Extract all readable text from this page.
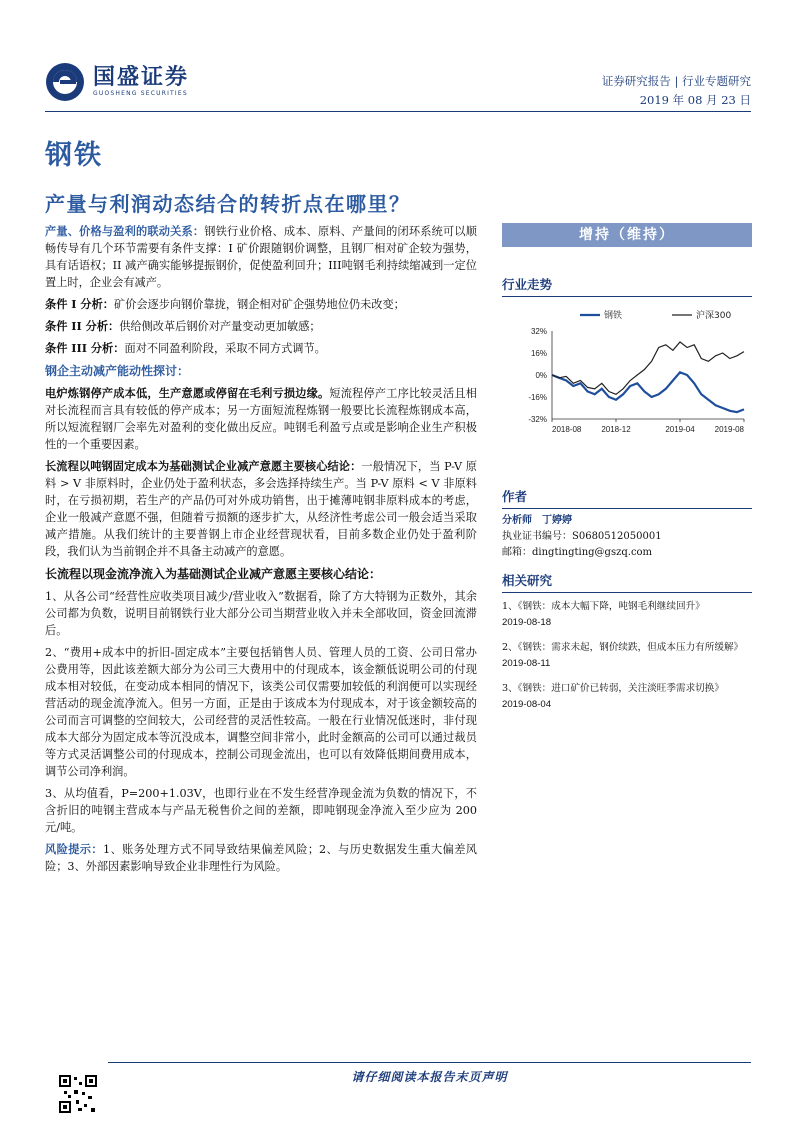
国盛证券
GUOSHENG SECURITIES
证券研究报告 | 行业专题研究
2019 年 08 月 23 日
钢铁
产量与利润动态结合的转折点在哪里？

产量、价格与盈利的联动关系：钢铁行业价格、成本、原料、产量间的闭环系统可以顺畅传导有几个环节需要有条件支撑：I 矿价跟随钢价调整，且钢厂相对矿企较为强势，具有话语权；II 减产确实能够提振钢价，促使盈利回升；III吨钢毛利持续缩减到一定位置上时，企业会有减产。

条件 I 分析：矿价会逐步向钢价靠拢，钢企相对矿企强势地位仍未改变；

条件 II 分析：供给侧改革后钢价对产量变动更加敏感；

条件 III 分析：面对不同盈利阶段，采取不同方式调节。

钢企主动减产能动性探讨：

电炉炼钢停产成本低，生产意愿或停留在毛利亏损边缘。短流程停产工序比较灵活且相对长流程而言具有较低的停产成本；另一方面短流程炼钢一般要比长流程炼钢成本高，所以短流程钢厂会率先对盈利的变化做出反应。吨钢毛利盈亏点或是影响企业生产积极性的一个重要因素。

长流程以吨钢固定成本为基础测试企业减产意愿主要核心结论：一般情况下，当 P-V 原料 > V 非原料时，企业仍处于盈利状态，多会选择持续生产。当 P-V 原料 < V 非原料时，在亏损初期，若生产的产品仍可对外成功销售，出于摊薄吨钢非原料成本的考虑，企业一般减产意愿不强，但随着亏损额的逐步扩大，从经济性考虑公司一般会适当采取减产措施。从我们统计的主要普钢上市企业经营现状看，目前多数企业仍处于盈利阶段，我们认为当前钢企并不具备主动减产的意愿。

长流程以现金流净流入为基础测试企业减产意愿主要核心结论：

1、从各公司“经营性应收类项目减少/营业收入”数据看，除了方大特钢为正数外，其余公司都为负数，说明目前钢铁行业大部分公司当期营业收入并未全部收回，资金回流滞后。

2、“费用+成本中的折旧-固定成本”主要包括销售人员、管理人员的工资、公司日常办公费用等，因此该差额大部分为公司三大费用中的付现成本，该金额低说明公司的付现成本相对较低，在变动成本相同的情况下，该类公司仅需要加较低的利润便可以实现经营活动的现金流净流入。但另一方面，正是由于该成本为付现成本，对于该金额较高的公司而言可调整的空间较大，公司经营的灵活性较高。一般在行业情况低迷时，非付现成本大部分为固定成本等沉没成本，调整空间非常小，此时金额高的公司可以通过裁员等方式灵活调整公司的付现成本，控制公司现金流出，也可以有效降低期间费用成本，调节公司净利润。

3、从均值看，P=200+1.03V，也即行业在不发生经营净现金流为负数的情况下，不含折旧的吨钢主营成本与产品无税售价之间的差额，即吨钢现金净流入至少应为 200 元/吨。

风险提示：1、账务处理方式不同导致结果偏差风险；2、与历史数据发生重大偏差风险；3、外部因素影响导致企业非理性行为风险。

增持（维持）
行业走势
32%
16%
0%
-16%
-32%
2018-08 2018-12	2019-04 2019-08
钢铁	沪深300
作者
分析师　丁婷婷
执业证书编号：S0680512050001
邮箱：dingtingting@gszq.com
相关研究
1、《钢铁：成本大幅下降，吨钢毛利继续回升》
2019-08-18
2、《钢铁：需求未起，钢价续跌，但成本压力有所缓解》
2019-08-11
3、《钢铁：进口矿价已转弱，关注淡旺季需求切换》
2019-08-04
请仔细阅读本报告末页声明
